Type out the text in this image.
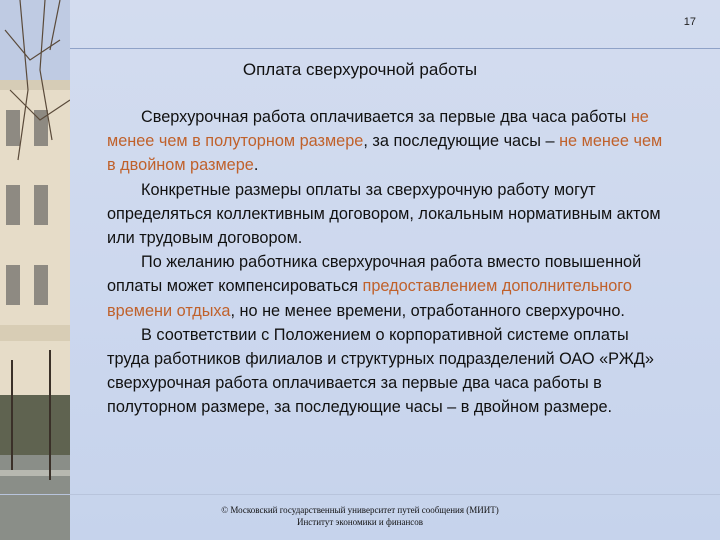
17
Оплата сверхурочной работы

Сверхурочная работа оплачивается за первые два часа работы не менее чем в полуторном размере, за последующие часы – не менее чем в двойном размере.

Конкретные размеры оплаты за сверхурочную работу могут определяться коллективным договором, локальным нормативным актом или трудовым договором.

По желанию работника сверхурочная работа вместо повышенной оплаты может компенсироваться предоставлением дополнительного времени отдыха, но не менее времени, отработанного сверхурочно.

В соответствии с Положением о корпоративной системе оплаты труда работников филиалов и структурных подразделений ОАО «РЖД» сверхурочная работа оплачивается за первые два часа работы в полуторном размере, за последующие часы – в двойном размере.

© Московский государственный университет путей сообщения (МИИТ)
Институт экономики и финансов
